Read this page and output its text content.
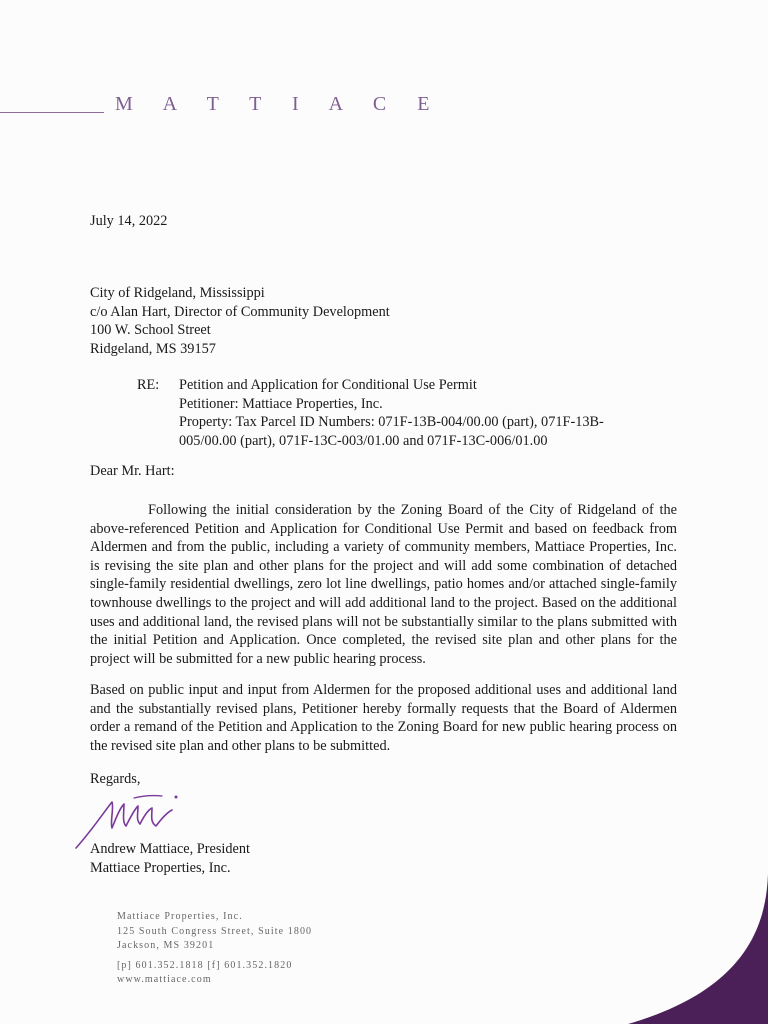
M A T T I A C E
July 14, 2022
City of Ridgeland, Mississippi
c/o Alan Hart, Director of Community Development
100 W. School Street
Ridgeland, MS 39157
RE: Petition and Application for Conditional Use Permit
Petitioner: Mattiace Properties, Inc.
Property: Tax Parcel ID Numbers: 071F-13B-004/00.00 (part), 071F-13B-
005/00.00 (part), 071F-13C-003/01.00 and 071F-13C-006/01.00
Dear Mr. Hart:
Following the initial consideration by the Zoning Board of the City of Ridgeland of the above-referenced Petition and Application for Conditional Use Permit and based on feedback from Aldermen and from the public, including a variety of community members, Mattiace Properties, Inc. is revising the site plan and other plans for the project and will add some combination of detached single-family residential dwellings, zero lot line dwellings, patio homes and/or attached single-family townhouse dwellings to the project and will add additional land to the project. Based on the additional uses and additional land, the revised plans will not be substantially similar to the plans submitted with the initial Petition and Application. Once completed, the revised site plan and other plans for the project will be submitted for a new public hearing process.
Based on public input and input from Aldermen for the proposed additional uses and additional land and the substantially revised plans, Petitioner hereby formally requests that the Board of Aldermen order a remand of the Petition and Application to the Zoning Board for new public hearing process on the revised site plan and other plans to be submitted.
Regards,
Andrew Mattiace, President
Mattiace Properties, Inc.
Mattiace Properties, Inc.
125 South Congress Street, Suite 1800
Jackson, MS 39201
[p] 601.352.1818 [f] 601.352.1820
www.mattiace.com
